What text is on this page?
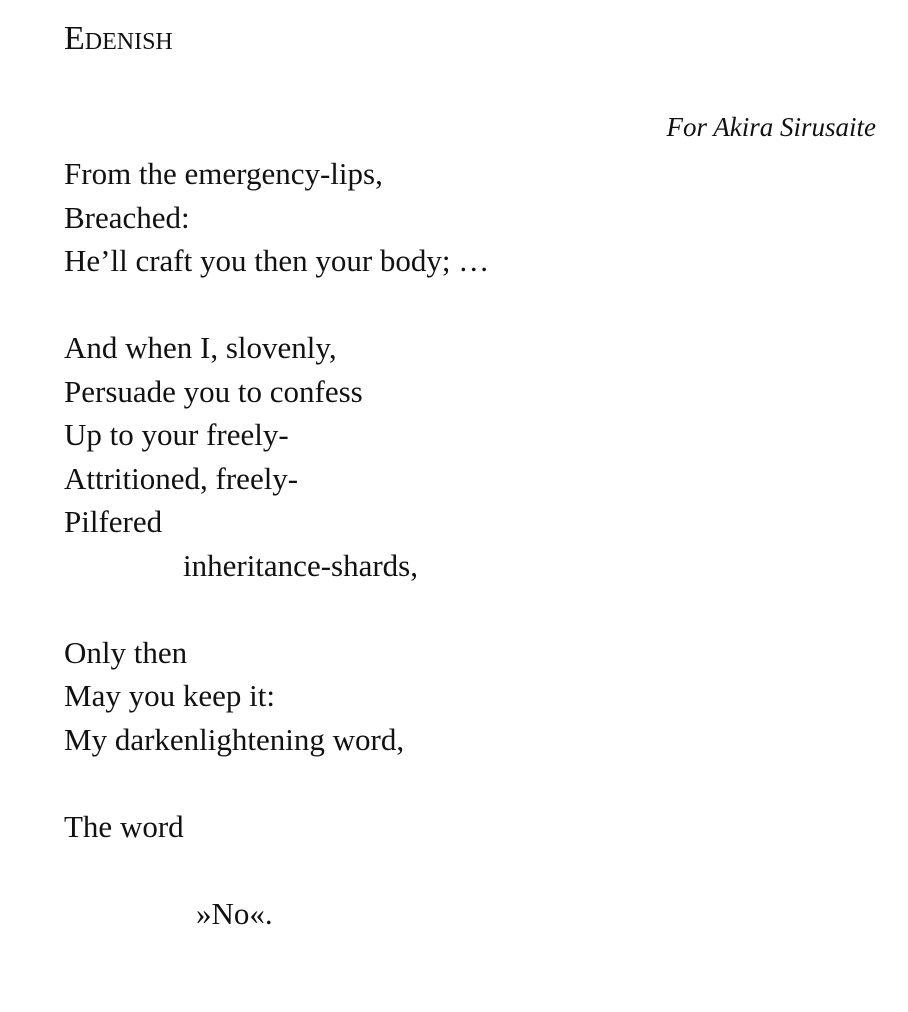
Edenish

For Akira Sirusaite

From the emergency-lips,
Breached:
He’ll craft you then your body; …
And when I, slovenly,
Persuade you to confess
Up to your freely-
Attritioned, freely-
Pilfered
inheritance-shards,
Only then
May you keep it:
My darkenlightening word,
The word
»No«.
